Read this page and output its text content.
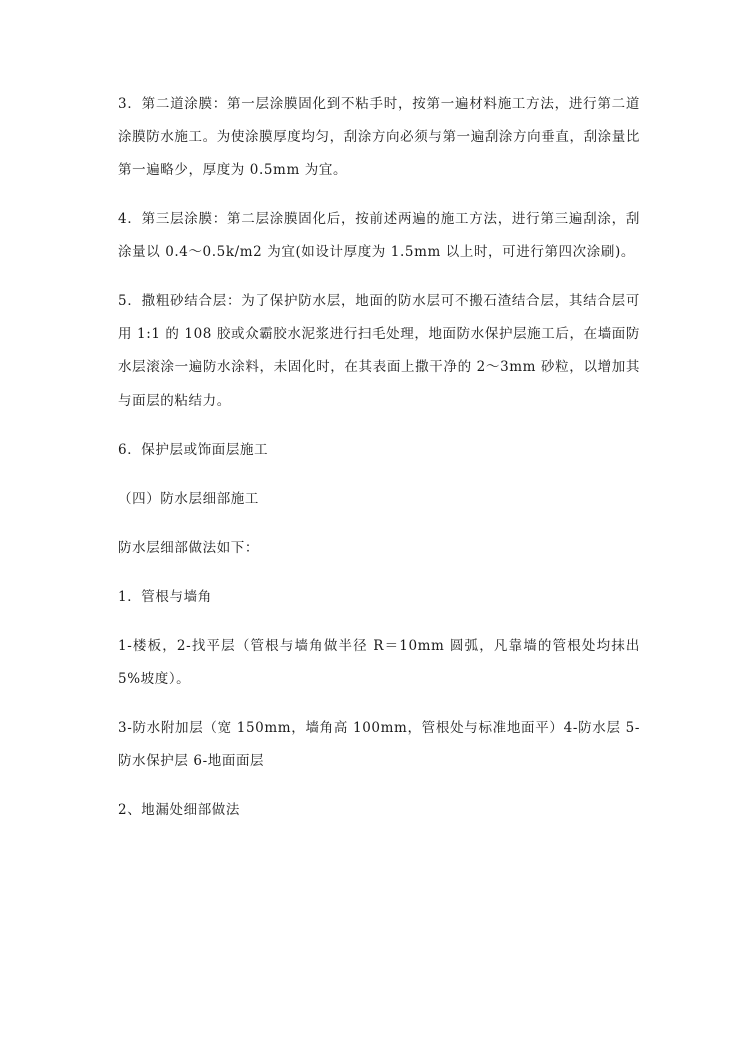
3．第二道涂膜：第一层涂膜固化到不粘手时，按第一遍材料施工方法，进行第二道涂膜防水施工。为使涂膜厚度均匀，刮涂方向必须与第一遍刮涂方向垂直，刮涂量比第一遍略少，厚度为 0.5mm 为宜。

4．第三层涂膜：第二层涂膜固化后，按前述两遍的施工方法，进行第三遍刮涂，刮涂量以 0.4～0.5k/m2 为宜(如设计厚度为 1.5mm 以上时，可进行第四次涂刷)。

5．撒粗砂结合层：为了保护防水层，地面的防水层可不搬石渣结合层，其结合层可用 1:1 的 108 胶或众霸胶水泥浆进行扫毛处理，地面防水保护层施工后，在墙面防水层滚涂一遍防水涂料，未固化时，在其表面上撒干净的 2～3mm 砂粒，以增加其与面层的粘结力。

6．保护层或饰面层施工

（四）防水层细部施工

防水层细部做法如下：

1．管根与墙角

1-楼板，2-找平层（管根与墙角做半径 R＝10mm 圆弧，凡靠墙的管根处均抹出 5%坡度）。

3-防水附加层（宽 150mm，墙角高 100mm，管根处与标准地面平）4-防水层 5-防水保护层 6-地面面层

2、地漏处细部做法
